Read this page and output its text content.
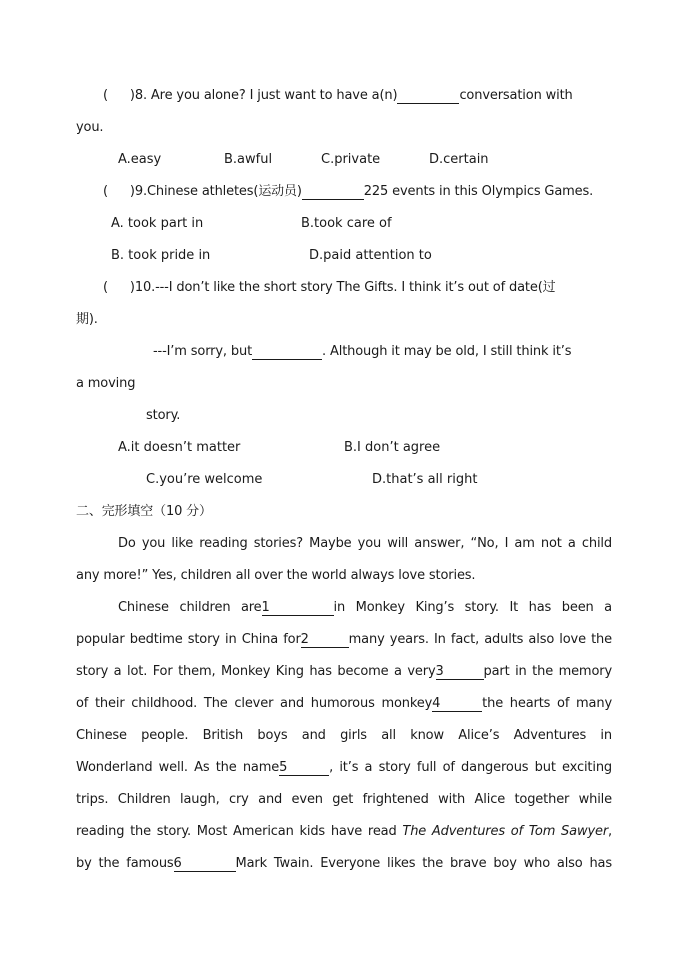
( )8. Are you alone? I just want to have a(n)	conversation with
you.
A.easy	B.awful	C.private	D.certain
( )9.Chinese athletes(运动员)	225 events in this Olympics Games.
A. took part in	B.took care of
B. took pride in	D.paid attention to
( )10.---I don’t like the short story The Gifts. I think it’s out of date(过
期).
---I’m sorry, but	. Although it may be old, I still think it’s
a moving
story.
A.it doesn’t matter	B.I don’t agree
C.you’re welcome	D.that’s all right
二、完形填空（10 分）
Do you like reading stories? Maybe you will answer, “No, I am not a child
any more!” Yes, children all over the world always love stories.
Chinese children are1	in Monkey King’s story. It has been a
popular bedtime story in China for2	many years. In fact, adults also love the
story a lot. For them, Monkey King has become a very3	part in the memory
of their childhood. The clever and humorous monkey4	the hearts of many
Chinese people. British boys and girls all know Alice’s Adventures in
Wonderland well. As the name5	, it’s a story full of dangerous but exciting
trips. Children laugh, cry and even get frightened with Alice together while
reading the story. Most American kids have read The Adventures of Tom Sawyer,
by the famous6	Mark Twain. Everyone likes the brave boy who also has
